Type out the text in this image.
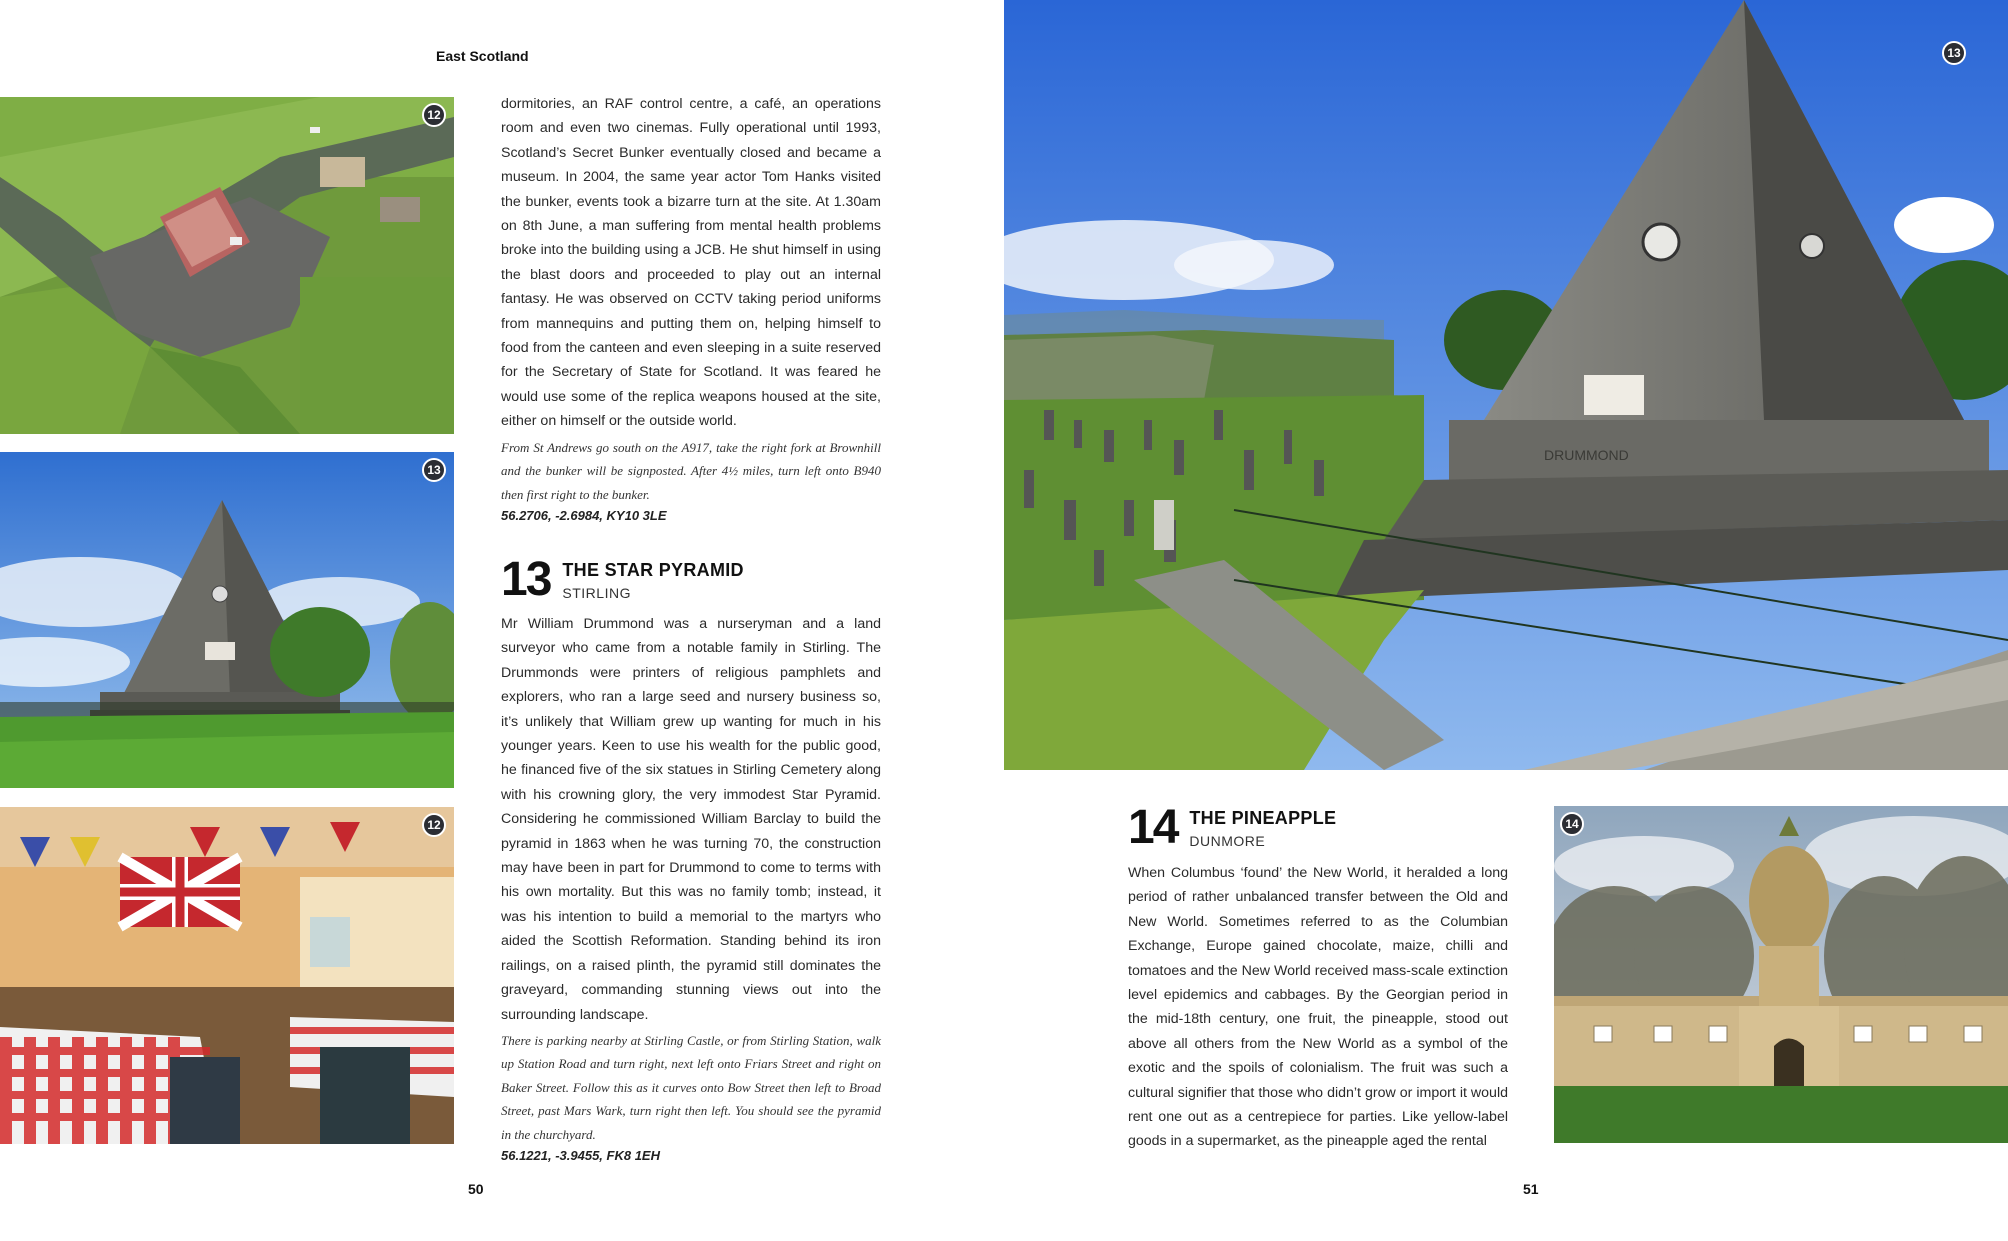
East Scotland
12
13
12

dormitories, an RAF control centre, a café, an operations room and even two cinemas. Fully operational until 1993, Scotland’s Secret Bunker eventually closed and became a museum. In 2004, the same year actor Tom Hanks visited the bunker, events took a bizarre turn at the site. At 1.30am on 8th June, a man suffering from mental health problems broke into the building using a JCB. He shut himself in using the blast doors and proceeded to play out an internal fantasy. He was observed on CCTV taking period uniforms from mannequins and putting them on, helping himself to food from the canteen and even sleeping in a suite reserved for the Secretary of State for Scotland. It was feared he would use some of the replica weapons housed at the site, either on himself or the outside world.

From St Andrews go south on the A917, take the right fork at Brownhill and the bunker will be signposted. After 4½ miles, turn left onto B940 then first right to the bunker.

56.2706, -2.6984, KY10 3LE
13 THE STAR PYRAMID
STIRLING

Mr William Drummond was a nurseryman and a land surveyor who came from a notable family in Stirling. The Drummonds were printers of religious pamphlets and explorers, who ran a large seed and nursery business so, it’s unlikely that William grew up wanting for much in his younger years. Keen to use his wealth for the public good, he financed five of the six statues in Stirling Cemetery along with his crowning glory, the very immodest Star Pyramid. Considering he commissioned William Barclay to build the pyramid in 1863 when he was turning 70, the construction may have been in part for Drummond to come to terms with his own mortality. But this was no family tomb; instead, it was his intention to build a memorial to the martyrs who aided the Scottish Reformation. Standing behind its iron railings, on a raised plinth, the pyramid still dominates the graveyard, commanding stunning views out into the surrounding landscape.

There is parking nearby at Stirling Castle, or from Stirling Station, walk up Station Road and turn right, next left onto Friars Street and right on Baker Street. Follow this as it curves onto Bow Street then left to Broad Street, past Mars Wark, turn right then left. You should see the pyramid in the churchyard.

56.1221, -3.9455, FK8 1EH
DRUMMOND
13
14 THE PINEAPPLE
DUNMORE

When Columbus ‘found’ the New World, it heralded a long period of rather unbalanced transfer between the Old and New World. Sometimes referred to as the Columbian Exchange, Europe gained chocolate, maize, chilli and tomatoes and the New World received mass-scale extinction level epidemics and cabbages. By the Georgian period in the mid-18th century, one fruit, the pineapple, stood out above all others from the New World as a symbol of the exotic and the spoils of colonialism. The fruit was such a cultural signifier that those who didn’t grow or import it would rent one out as a centrepiece for parties. Like yellow-label goods in a supermarket, as the pineapple aged the rental

14
50	51
